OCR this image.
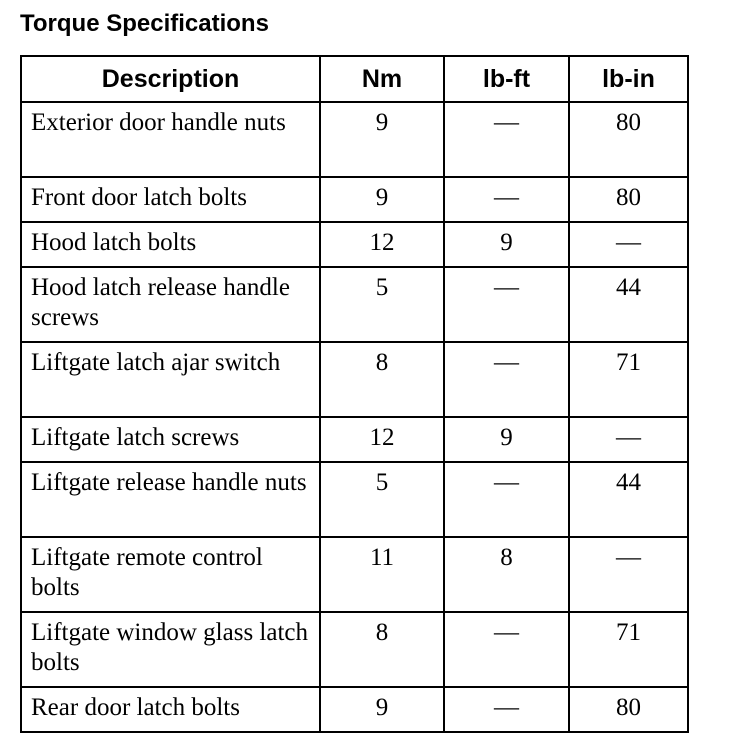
Torque Specifications
Description	Nm	lb-ft	lb-in
Exterior door handle nuts	9	—	80
Front door latch bolts	9	—	80
Hood latch bolts	12	9	—
Hood latch release handle screws	5	—	44
Liftgate latch ajar switch	8	—	71
Liftgate latch screws	12	9	—
Liftgate release handle nuts	5	—	44
Liftgate remote control bolts	11	8	—
Liftgate window glass latch bolts	8	—	71
Rear door latch bolts	9	—	80
